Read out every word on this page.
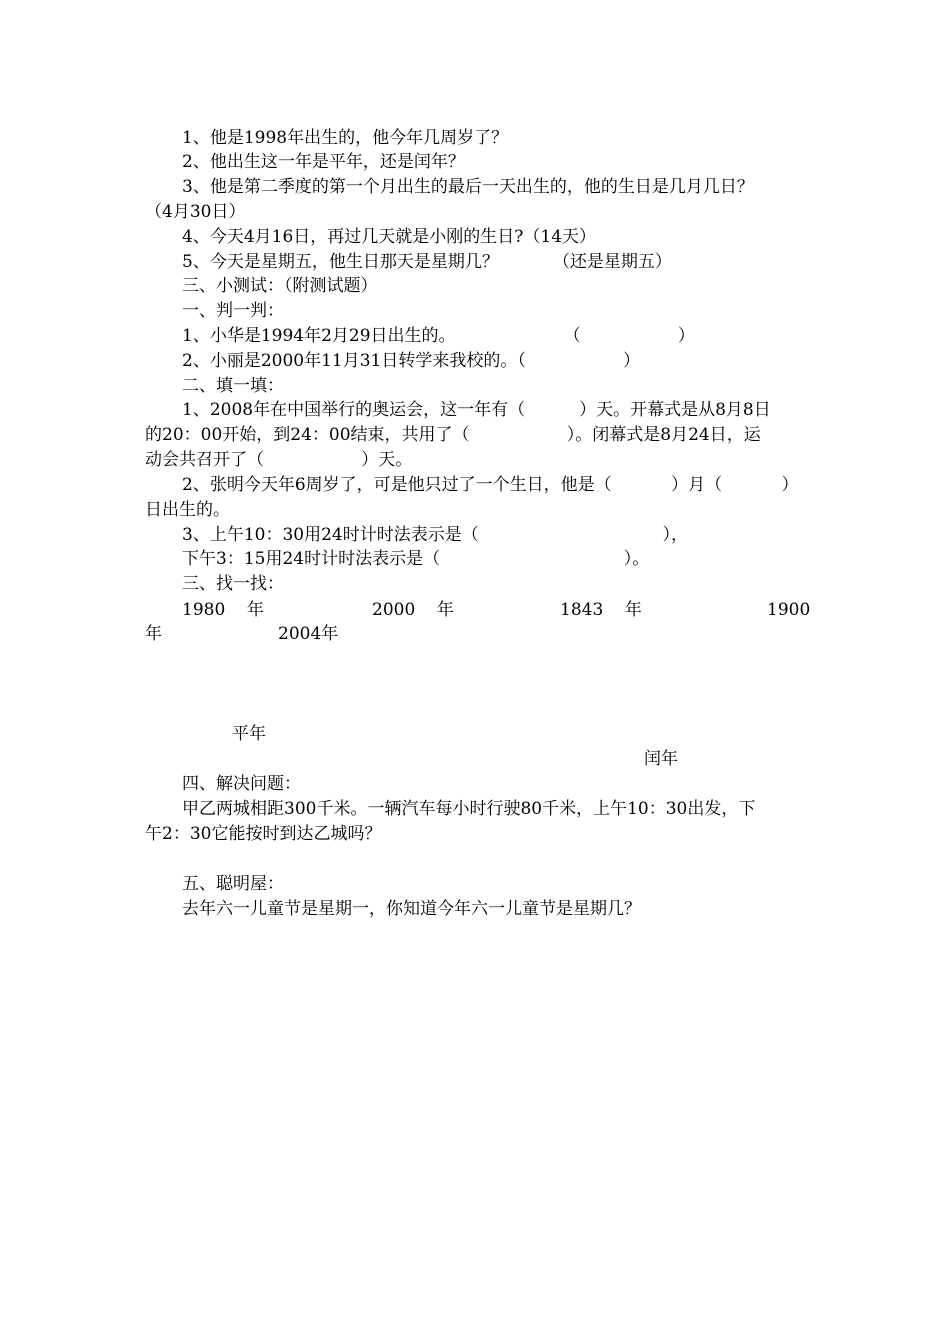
1、他是1998年出生的，他今年几周岁了？
2、他出生这一年是平年，还是闰年？
3、他是第二季度的第一个月出生的最后一天出生的，他的生日是几月几日？
（4月30日）
4、今天4月16日，再过几天就是小刚的生日?（14天）
5、今天是星期五，他生日那天是星期几？          （还是星期五）
三、小测试：（附测试题）
一、判一判：
1、小华是1994年2月29日出生的。                    （                  ）
2、小丽是2000年11月31日转学来我校的。（                  ）
二、填一填：
1、2008年在中国举行的奥运会，这一年有（          ）天。开幕式是从8月8日
的20：00开始，到24：00结束，共用了（                  ）。闭幕式是8月24日，运
动会共召开了（                  ）天。
2、张明今天年6周岁了，可是他只过了一个生日，他是（           ）月（           ）
日出生的。
3、上午10：30用24时计时法表示是（                                  ），
下午3：15用24时计时法表示是（                                  ）。
三、找一找：
1980    年	2000    年	1843    年	1900
年	2004年
平年
闰年
四、解决问题：
甲乙两城相距300千米。一辆汽车每小时行驶80千米，上午10：30出发，下
午2：30它能按时到达乙城吗？
五、聪明屋：
去年六一儿童节是星期一，你知道今年六一儿童节是星期几？
